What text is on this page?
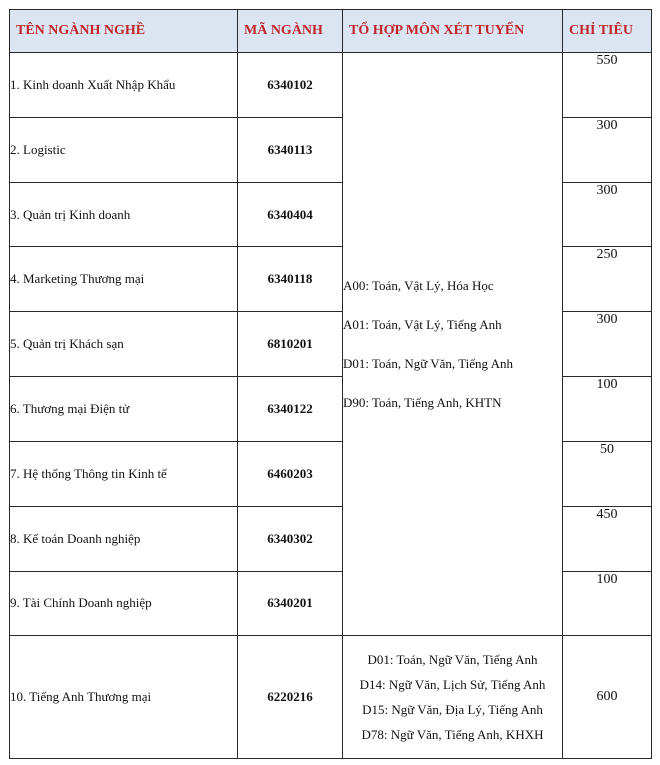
TÊN NGÀNH NGHỀ	MÃ NGÀNH	TỔ HỢP MÔN XÉT TUYỂN	CHỈ TIÊU
1. Kinh doanh Xuất Nhập Khẩu	6340102	A00: Toán, Vật Lý, Hóa Học
A01: Toán, Vật Lý, Tiếng Anh
D01: Toán, Ngữ Văn, Tiếng Anh
D90: Toán, Tiếng Anh, KHTN	550
2. Logistic	6340113		300
3. Quản trị Kinh doanh	6340404		300
4. Marketing Thương mại	6340118		250
5. Quản trị Khách sạn	6810201		300
6. Thương mại Điện tử	6340122		100
7. Hệ thống Thông tin Kinh tế	6460203		50
8. Kế toán Doanh nghiệp	6340302		450
9. Tài Chính Doanh nghiệp	6340201		100
10. Tiếng Anh Thương mại	6220216	D01: Toán, Ngữ Văn, Tiếng Anh
D14: Ngữ Văn, Lịch Sử, Tiếng Anh
D15: Ngữ Văn, Địa Lý, Tiếng Anh
D78: Ngữ Văn, Tiếng Anh, KHXH	600
